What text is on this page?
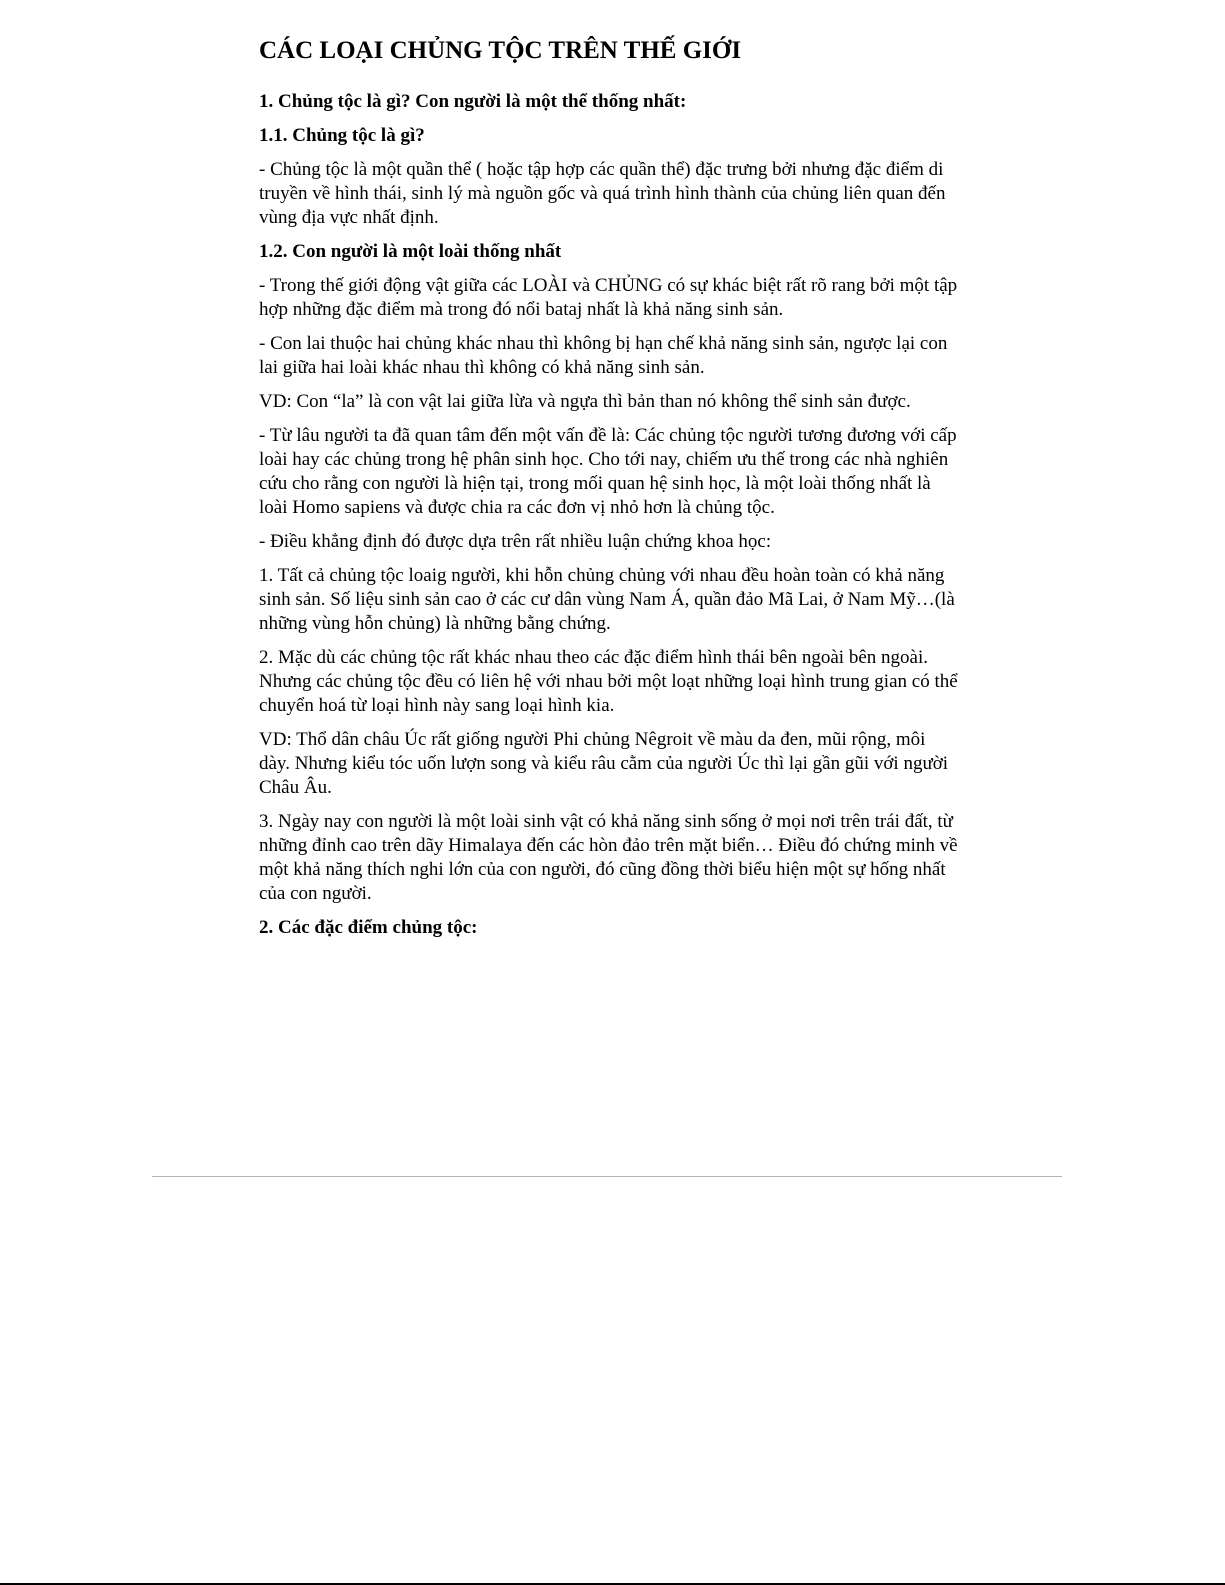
CÁC LOẠI CHỦNG TỘC TRÊN THẾ GIỚI
1. Chủng tộc là gì? Con người là một thể thống nhất:
1.1. Chủng tộc là gì?

- Chủng tộc là một quần thể ( hoặc tập hợp các quần thể) đặc trưng bởi nhưng đặc điểm di truyền về hình thái, sinh lý mà nguồn gốc và quá trình hình thành của chủng liên quan đến vùng địa vực nhất định.

1.2. Con người là một loài thống nhất

- Trong thế giới động vật giữa các LOÀI và CHỦNG có sự khác biệt rất rõ rang bởi một tập hợp những đặc điểm mà trong đó nổi bataj nhất là khả năng sinh sản.

- Con lai thuộc hai chủng khác nhau thì không bị hạn chế khả năng sinh sản, ngược lại con lai giữa hai loài khác nhau thì không có khả năng sinh sản.

VD: Con “la” là con vật lai giữa lừa và ngựa thì bản than nó không thể sinh sản được.

- Từ lâu người ta đã quan tâm đến một vấn đề là: Các chủng tộc người tương đương với cấp loài hay các chủng trong hệ phân sinh học. Cho tới nay, chiếm ưu thế trong các nhà nghiên cứu cho rằng con người là hiện tại, trong mối quan hệ sinh học, là một loài thống nhất là loài Homo sapiens và được chia ra các đơn vị nhỏ hơn là chủng tộc.

- Điều khẳng định đó được dựa trên rất nhiều luận chứng khoa học:

1. Tất cả chủng tộc loaig người, khi hỗn chủng chủng với nhau đều hoàn toàn có khả năng sinh sản. Số liệu sinh sản cao ở các cư dân vùng Nam Á, quần đảo Mã Lai, ở Nam Mỹ…(là những vùng hỗn chủng) là những bằng chứng.

2. Mặc dù các chủng tộc rất khác nhau theo các đặc điểm hình thái bên ngoài bên ngoài. Nhưng các chủng tộc đều có liên hệ với nhau bởi một loạt những loại hình trung gian có thể chuyển hoá từ loại hình này sang loại hình kia.

VD: Thổ dân châu Úc rất giống người Phi chủng Nêgroit về màu da đen, mũi rộng, môi dày. Nhưng kiểu tóc uốn lượn song và kiểu râu cằm của người Úc thì lại gần gũi với người Châu Âu.

3. Ngày nay con người là một loài sinh vật có khả năng sinh sống ở mọi nơi trên trái đất, từ những đỉnh cao trên dãy Himalaya đến các hòn đảo trên mặt biển… Điều đó chứng minh về một khả năng thích nghi lớn của con người, đó cũng đồng thời biểu hiện một sự hống nhất của con người.

2. Các đặc điểm chủng tộc:
